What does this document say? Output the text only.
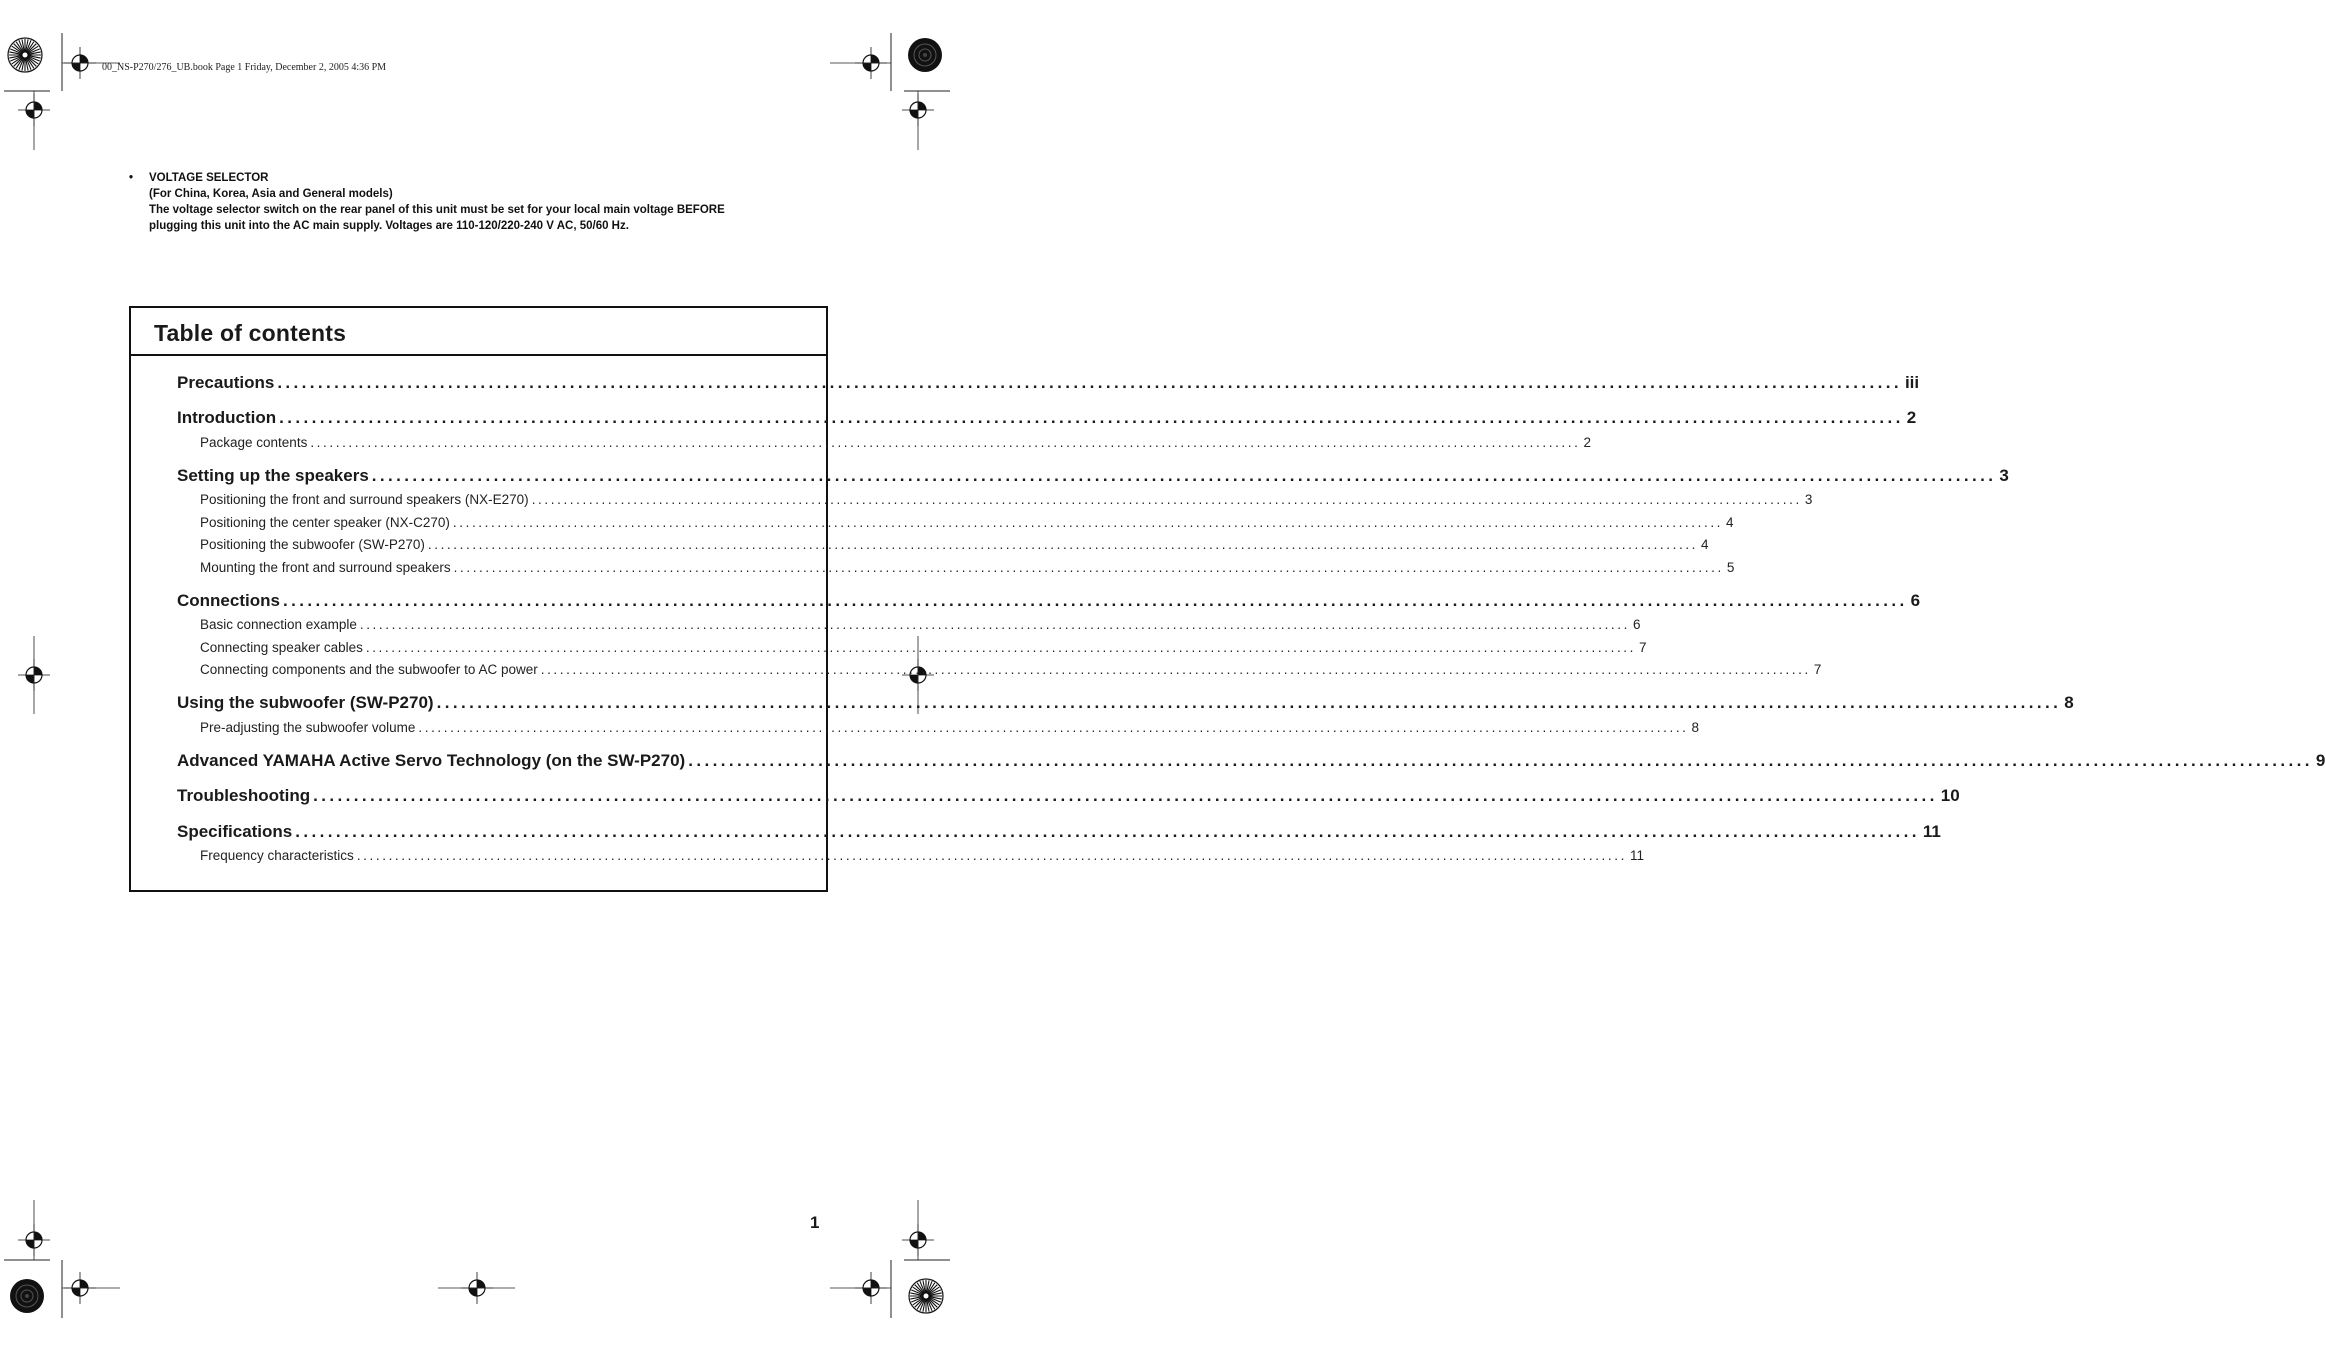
00_NS-P270/276_UB.book Page 1 Friday, December 2, 2005 4:36 PM
• VOLTAGE SELECTOR
(For China, Korea, Asia and General models)
The voltage selector switch on the rear panel of this unit must be set for your local main voltage BEFORE
plugging this unit into the AC main supply. Voltages are 110-120/220-240 V AC, 50/60 Hz.
Table of contents
Precautions ........................................................................................................................................................................................................ iii
Introduction ........................................................................................................................................................................................................ 2
Package contents ........................................................................................................................................................................................................ 2
Setting up the speakers ........................................................................................................................................................................................................ 3
Positioning the front and surround speakers (NX-E270) ........................................................................................................................................................................................................ 3
Positioning the center speaker (NX-C270) ........................................................................................................................................................................................................ 4
Positioning the subwoofer (SW-P270) ........................................................................................................................................................................................................ 4
Mounting the front and surround speakers ........................................................................................................................................................................................................ 5
Connections ........................................................................................................................................................................................................ 6
Basic connection example ........................................................................................................................................................................................................ 6
Connecting speaker cables ........................................................................................................................................................................................................ 7
Connecting components and the subwoofer to AC power ........................................................................................................................................................................................................ 7
Using the subwoofer (SW-P270) ........................................................................................................................................................................................................ 8
Pre-adjusting the subwoofer volume ........................................................................................................................................................................................................ 8
Advanced YAMAHA Active Servo Technology (on the SW-P270) ........................................................................................................................................................................................................ 9
Troubleshooting ........................................................................................................................................................................................................ 10
Specifications ........................................................................................................................................................................................................ 11
Frequency characteristics ........................................................................................................................................................................................................ 11
1
